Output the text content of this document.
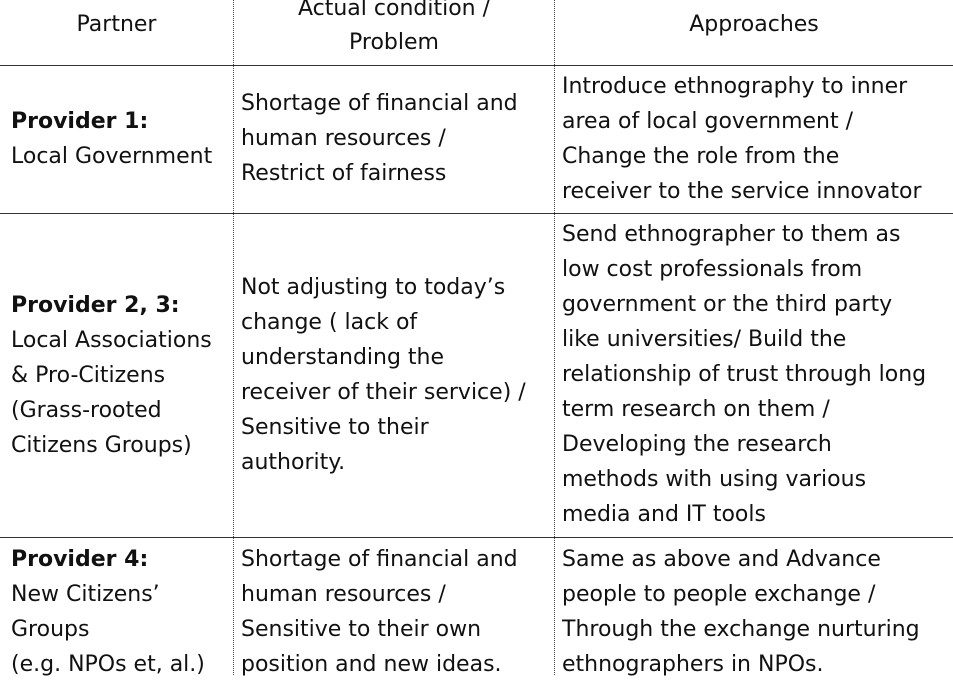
Partner
Actual condition /
Problem
Approaches
Provider 1:
Local Government
Shortage of financial and
human resources /
Restrict of fairness
Introduce ethnography to inner
area of local government /
Change the role from the
receiver to the service innovator
Provider 2, 3:
Local Associations
& Pro-Citizens
(Grass-rooted
Citizens Groups)
Not adjusting to today’s
change ( lack of
understanding the
receiver of their service) /
Sensitive to their
authority.
Send ethnographer to them as
low cost professionals from
government or the third party
like universities/ Build the
relationship of trust through long
term research on them /
Developing the research
methods with using various
media and IT tools
Provider 4:
New Citizens’
Groups
(e.g. NPOs et, al.)
Shortage of financial and
human resources /
Sensitive to their own
position and new ideas.
Same as above and Advance
people to people exchange /
Through the exchange nurturing
ethnographers in NPOs.
